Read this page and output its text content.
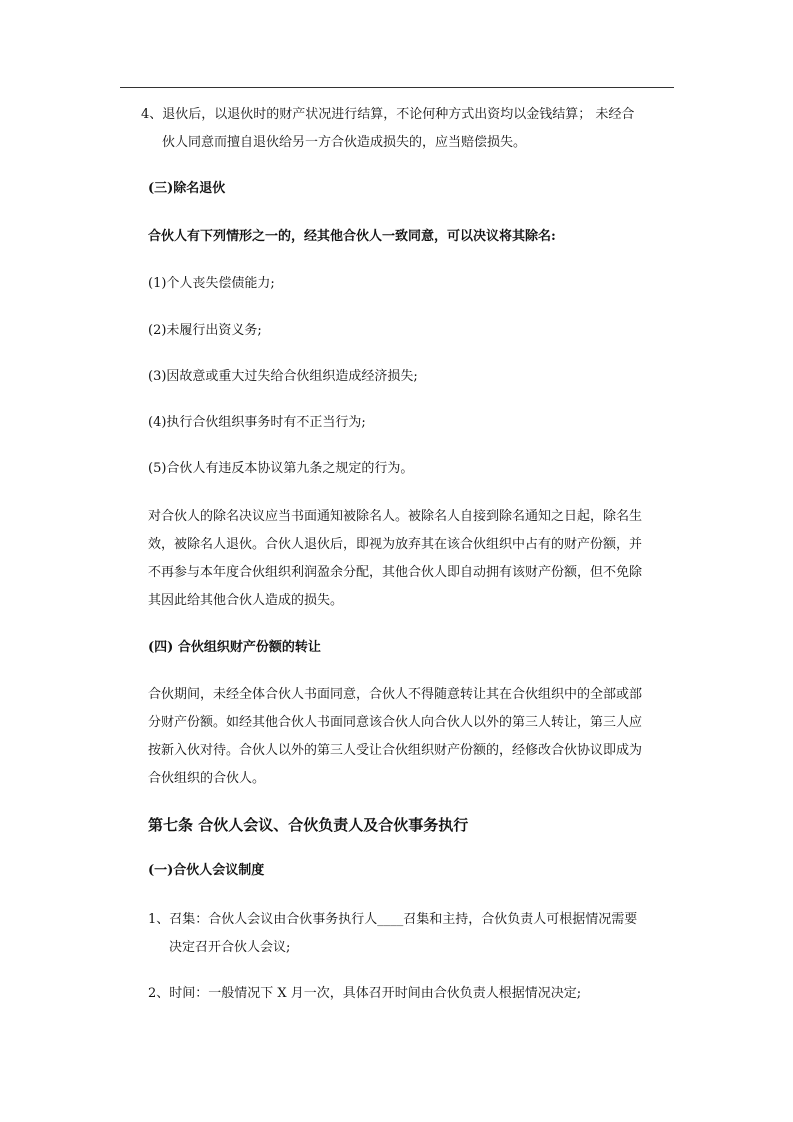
4、退伙后，以退伙时的财产状况进行结算，不论何种方式出资均以金钱结算； 未经合
伙人同意而擅自退伙给另一方合伙造成损失的，应当赔偿损失。
(三)除名退伙
合伙人有下列情形之一的，经其他合伙人一致同意，可以决议将其除名:
(1)个人丧失偿债能力;
(2)未履行出资义务;
(3)因故意或重大过失给合伙组织造成经济损失;
(4)执行合伙组织事务时有不正当行为;
(5)合伙人有违反本协议第九条之规定的行为。
对合伙人的除名决议应当书面通知被除名人。被除名人自接到除名通知之日起，除名生
效，被除名人退伙。合伙人退伙后，即视为放弃其在该合伙组织中占有的财产份额，并
不再参与本年度合伙组织利润盈余分配，其他合伙人即自动拥有该财产份额，但不免除
其因此给其他合伙人造成的损失。
(四) 合伙组织财产份额的转让
合伙期间，未经全体合伙人书面同意，合伙人不得随意转让其在合伙组织中的全部或部
分财产份额。如经其他合伙人书面同意该合伙人向合伙人以外的第三人转让，第三人应
按新入伙对待。合伙人以外的第三人受让合伙组织财产份额的，经修改合伙协议即成为
合伙组织的合伙人。
第七条 合伙人会议、合伙负责人及合伙事务执行
(一)合伙人会议制度
1、召集：合伙人会议由合伙事务执行人____召集和主持，合伙负责人可根据情况需要
决定召开合伙人会议;
2、时间：一般情况下 X 月一次，具体召开时间由合伙负责人根据情况决定;
